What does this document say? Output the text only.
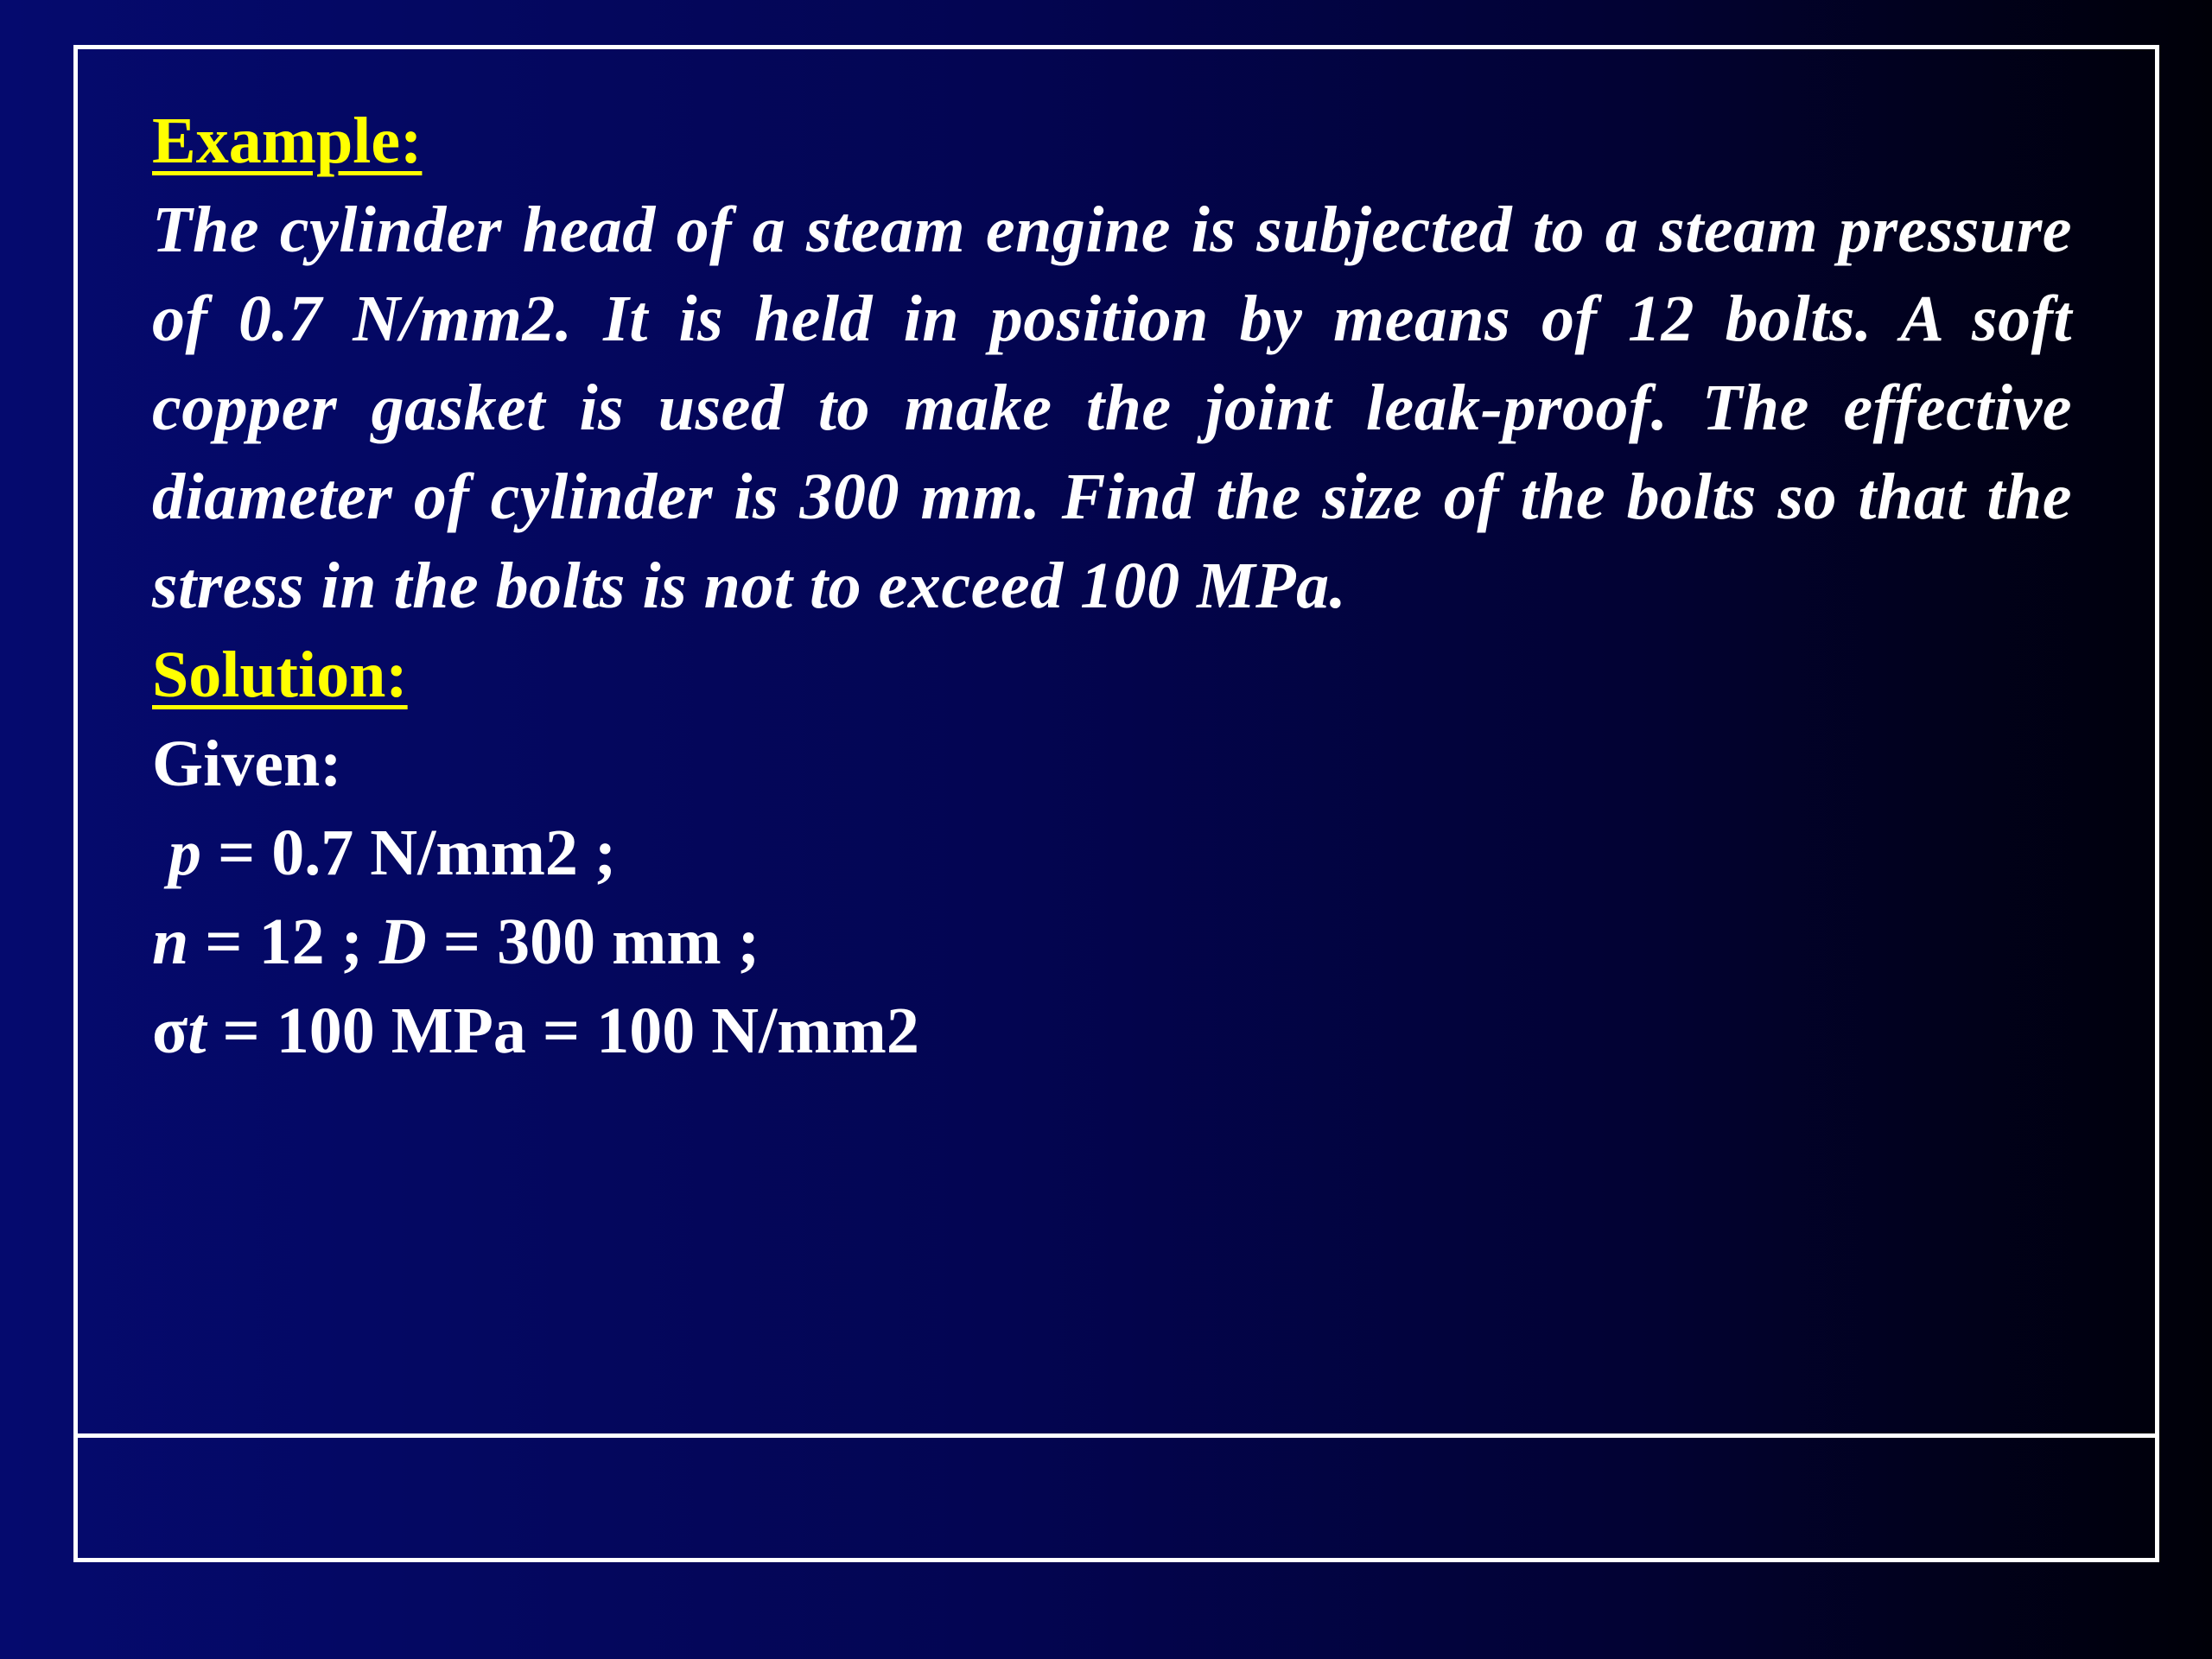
Example:
The cylinder head of a steam engine is subjected to a steam pressure of 0.7 N/mm2. It is held in position by means of 12 bolts. A soft copper gasket is used to make the joint leak-proof. The effective diameter of cylinder is 300 mm. Find the size of the bolts so that the stress in the bolts is not to exceed 100 MPa.
Solution:
Given:
p = 0.7 N/mm2 ;
n = 12 ; D = 300 mm ;
σt = 100 MPa = 100 N/mm2
